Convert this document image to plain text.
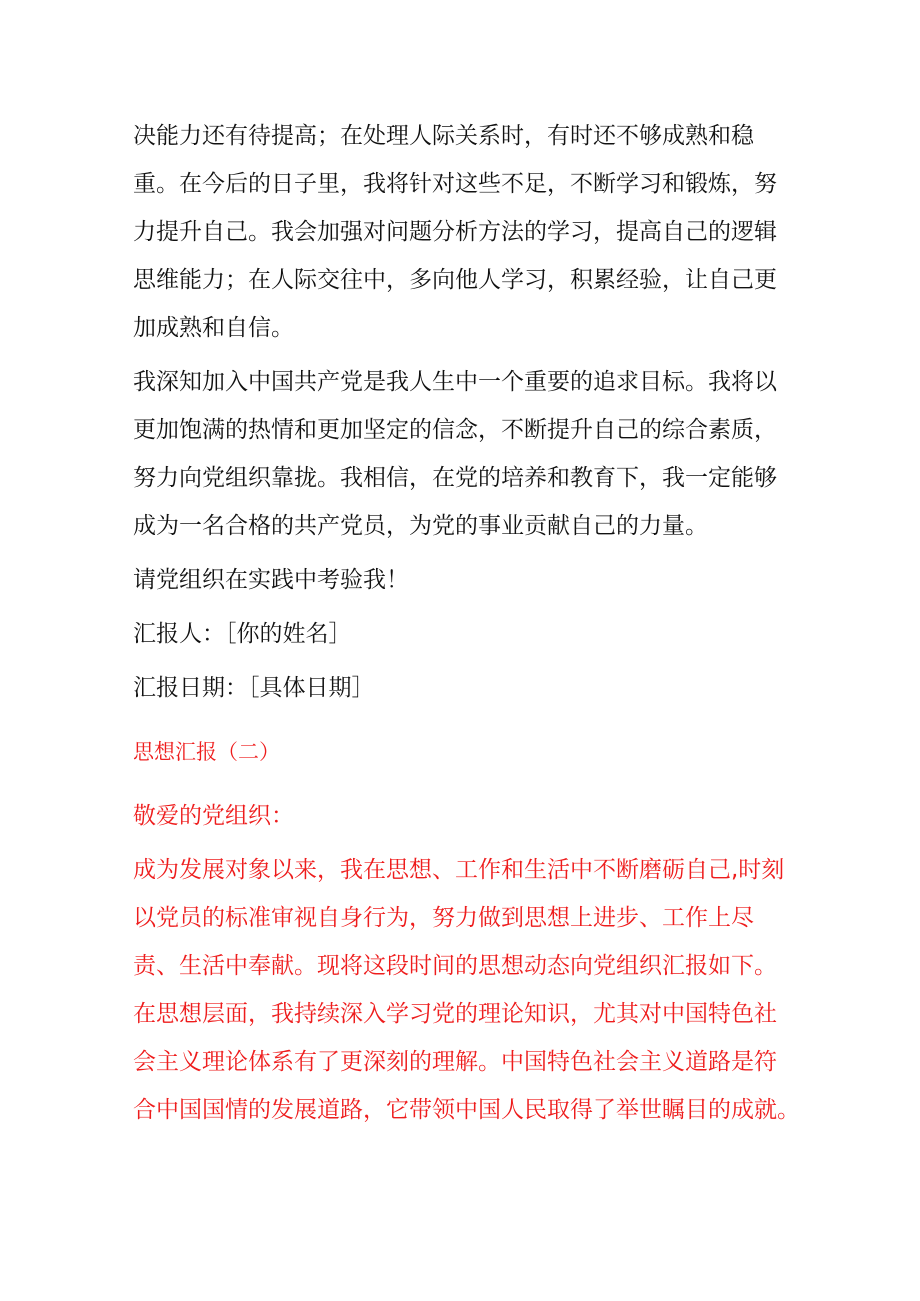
决能力还有待提高；在处理人际关系时，有时还不够成熟和稳
重。在今后的日子里，我将针对这些不足，不断学习和锻炼，努
力提升自己。我会加强对问题分析方法的学习，提高自己的逻辑
思维能力；在人际交往中，多向他人学习，积累经验，让自己更
加成熟和自信。
我深知加入中国共产党是我人生中一个重要的追求目标。我将以
更加饱满的热情和更加坚定的信念，不断提升自己的综合素质，
努力向党组织靠拢。我相信，在党的培养和教育下，我一定能够
成为一名合格的共产党员，为党的事业贡献自己的力量。
请党组织在实践中考验我！
汇报人：［你的姓名］
汇报日期：［具体日期］
思想汇报（二）
敬爱的党组织：
成为发展对象以来，我在思想、工作和生活中不断磨砺自己,时刻
以党员的标准审视自身行为，努力做到思想上进步、工作上尽
责、生活中奉献。现将这段时间的思想动态向党组织汇报如下。
在思想层面，我持续深入学习党的理论知识，尤其对中国特色社
会主义理论体系有了更深刻的理解。中国特色社会主义道路是符
合中国国情的发展道路，它带领中国人民取得了举世瞩目的成就。
